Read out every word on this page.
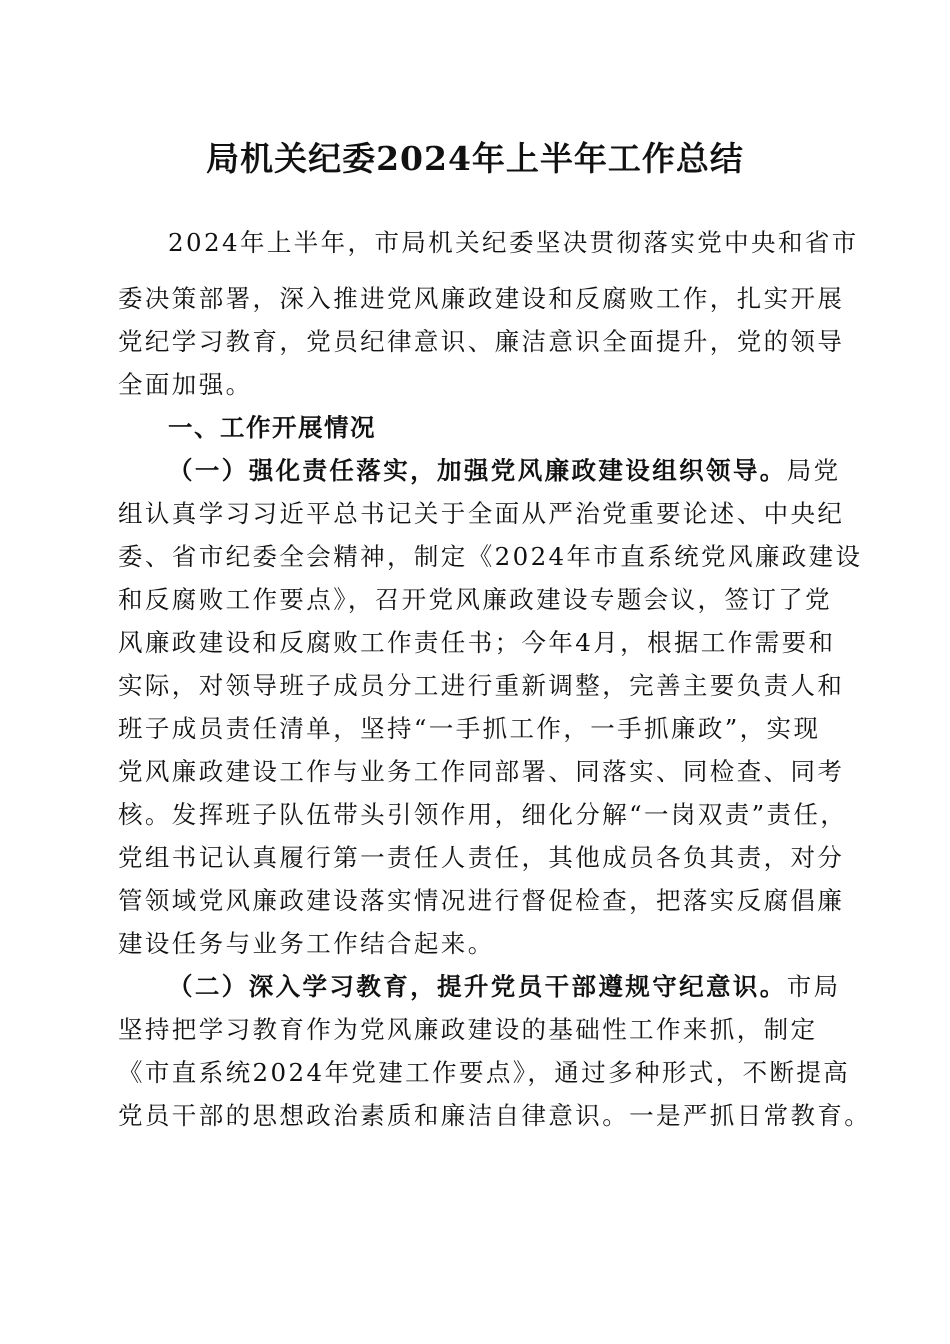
局机关纪委2024年上半年工作总结
2024年上半年，市局机关纪委坚决贯彻落实党中央和省市
委决策部署，深入推进党风廉政建设和反腐败工作，扎实开展
党纪学习教育，党员纪律意识、廉洁意识全面提升，党的领导
全面加强。
一、工作开展情况
（一）强化责任落实，加强党风廉政建设组织领导。局党
组认真学习习近平总书记关于全面从严治党重要论述、中央纪
委、省市纪委全会精神，制定《2024年市直系统党风廉政建设
和反腐败工作要点》，召开党风廉政建设专题会议，签订了党
风廉政建设和反腐败工作责任书；今年4月，根据工作需要和
实际，对领导班子成员分工进行重新调整，完善主要负责人和
班子成员责任清单，坚持“一手抓工作，一手抓廉政”，实现
党风廉政建设工作与业务工作同部署、同落实、同检查、同考
核。发挥班子队伍带头引领作用，细化分解“一岗双责”责任，
党组书记认真履行第一责任人责任，其他成员各负其责，对分
管领域党风廉政建设落实情况进行督促检查，把落实反腐倡廉
建设任务与业务工作结合起来。
（二）深入学习教育，提升党员干部遵规守纪意识。市局
坚持把学习教育作为党风廉政建设的基础性工作来抓，制定
《市直系统2024年党建工作要点》，通过多种形式，不断提高
党员干部的思想政治素质和廉洁自律意识。一是严抓日常教育。
